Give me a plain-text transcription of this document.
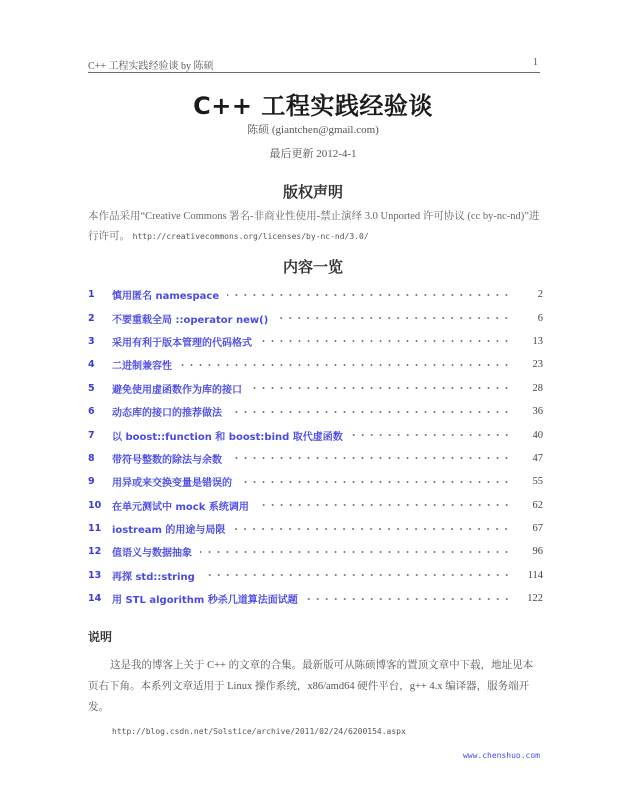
C++ 工程实践经验谈 by 陈硕	1
C++ 工程实践经验谈
陈硕 (giantchen@gmail.com)
最后更新 2012-4-1
版权声明
本作品采用“Creative Commons 署名-非商业性使用-禁止演绎 3.0 Unported 许可协议 (cc by-nc-nd)”进行许可。 http://creativecommons.org/licenses/by-nc-nd/3.0/
内容一览
1	慎用匿名 namespace	2
2	不要重载全局 ::operator new()	6
3	采用有利于版本管理的代码格式	13
4	二进制兼容性	23
5	避免使用虚函数作为库的接口	28
6	动态库的接口的推荐做法	36
7	以 boost::function 和 boost:bind 取代虚函数	40
8	带符号整数的除法与余数	47
9	用异或来交换变量是错误的	55
10	在单元测试中 mock 系统调用	62
11	iostream 的用途与局限	67
12	值语义与数据抽象	96
13	再探 std::string	114
14	用 STL algorithm 秒杀几道算法面试题	122
说明
这是我的博客上关于 C++ 的文章的合集。最新版可从陈硕博客的置顶文章中下载，地址见本页右下角。本系列文章适用于 Linux 操作系统，x86/amd64 硬件平台，g++ 4.x 编译器，服务端开发。
http://blog.csdn.net/Solstice/archive/2011/02/24/6200154.aspx
www.chenshuo.com
